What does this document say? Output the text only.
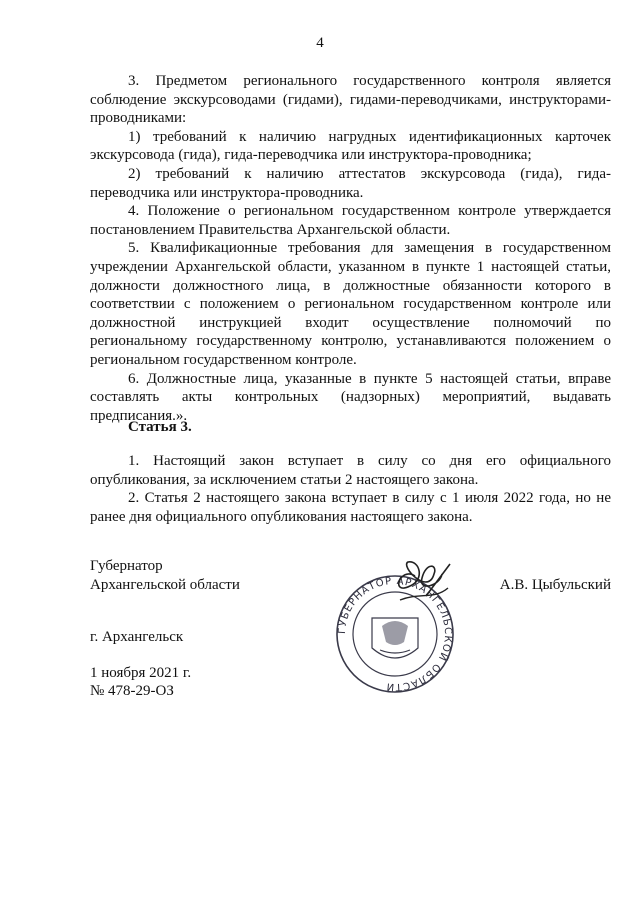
4

3. Предметом регионального государственного контроля является соблюдение экскурсоводами (гидами), гидами-переводчиками, инструкторами-проводниками:

1) требований к наличию нагрудных идентификационных карточек экскурсовода (гида), гида-переводчика или инструктора-проводника;

2) требований к наличию аттестатов экскурсовода (гида), гида-переводчика или инструктора-проводника.

4. Положение о региональном государственном контроле утверждается постановлением Правительства Архангельской области.

5. Квалификационные требования для замещения в государственном учреждении Архангельской области, указанном в пункте 1 настоящей статьи, должности должностного лица, в должностные обязанности которого в соответствии с положением о региональном государственном контроле или должностной инструкцией входит осуществление полномочий по региональному государственному контролю, устанавливаются положением о региональном государственном контроле.

6. Должностные лица, указанные в пункте 5 настоящей статьи, вправе составлять акты контрольных (надзорных) мероприятий, выдавать предписания.».

Статья 3.

1. Настоящий закон вступает в силу со дня его официального опубликования, за исключением статьи 2 настоящего закона.

2. Статья 2 настоящего закона вступает в силу с 1 июля 2022 года, но не ранее дня официального опубликования настоящего закона.

Губернатор
Архангельской области
ГУБЕРНАТОР АРХАНГЕЛЬСКОЙ ОБЛАСТИ
А.В. Цыбульский

г. Архангельск

1 ноября 2021 г.

№ 478-29-ОЗ
